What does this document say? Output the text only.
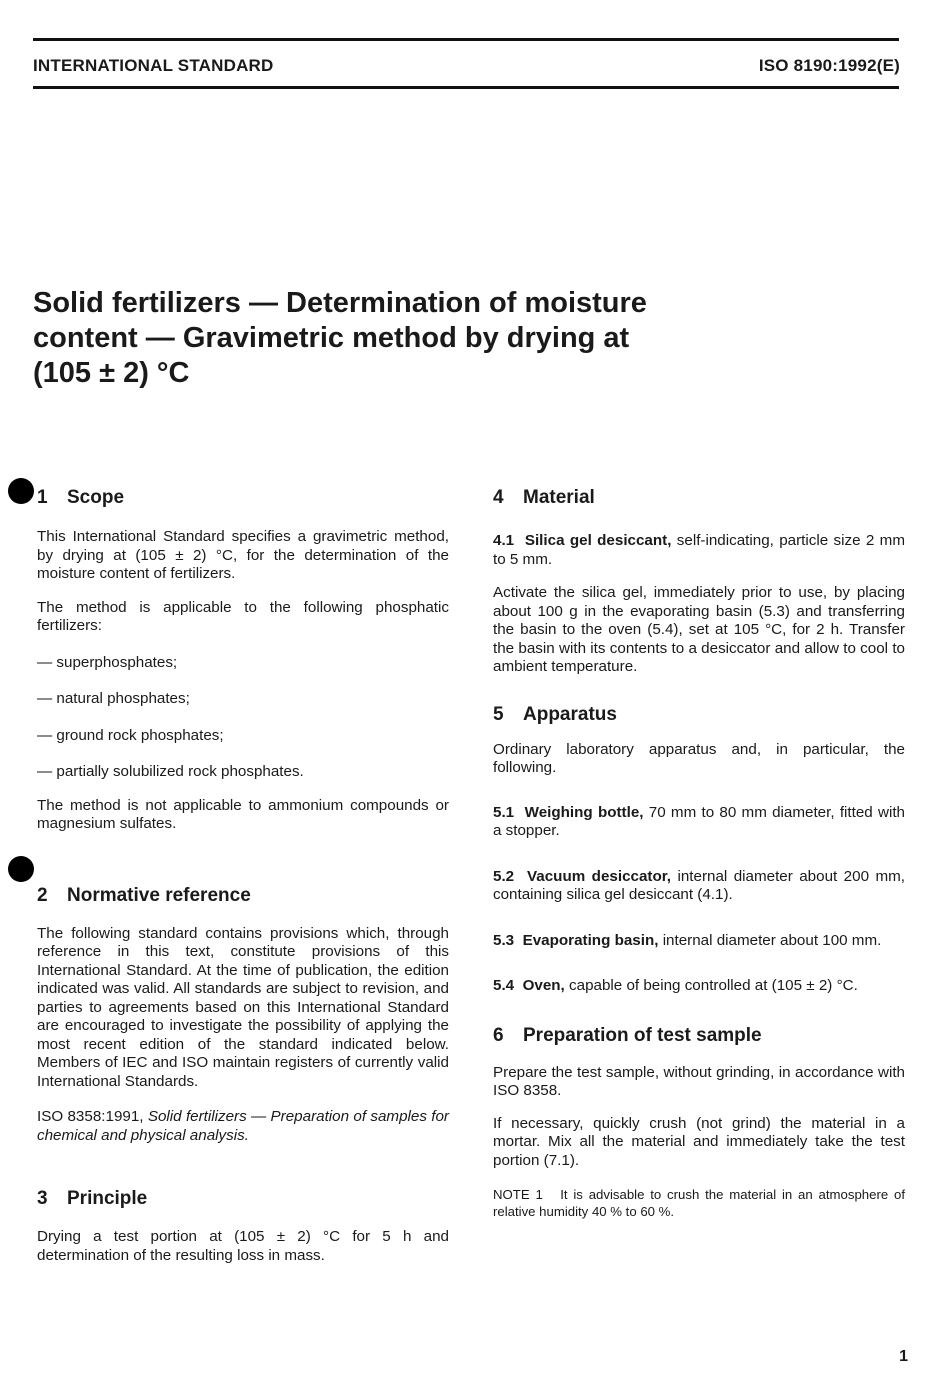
INTERNATIONAL STANDARD	ISO 8190:1992(E)
Solid fertilizers — Determination of moisture
content — Gravimetric method by drying at
(105 ± 2) °C
1 Scope

This International Standard specifies a gravimetric method, by drying at (105 ± 2) °C, for the determination of the moisture content of fertilizers.

The method is applicable to the following phosphatic fertilizers:

— superphosphates;

— natural phosphates;

— ground rock phosphates;

— partially solubilized rock phosphates.

The method is not applicable to ammonium compounds or magnesium sulfates.

2 Normative reference

The following standard contains provisions which, through reference in this text, constitute provisions of this International Standard. At the time of publication, the edition indicated was valid. All standards are subject to revision, and parties to agreements based on this International Standard are encouraged to investigate the possibility of applying the most recent edition of the standard indicated below. Members of IEC and ISO maintain registers of currently valid International Standards.

ISO 8358:1991, Solid fertilizers — Preparation of samples for chemical and physical analysis.

3 Principle

Drying a test portion at (105 ± 2) °C for 5 h and determination of the resulting loss in mass.

4 Material

4.1 Silica gel desiccant, self-indicating, particle size 2 mm to 5 mm.

Activate the silica gel, immediately prior to use, by placing about 100 g in the evaporating basin (5.3) and transferring the basin to the oven (5.4), set at 105 °C, for 2 h. Transfer the basin with its contents to a desiccator and allow to cool to ambient temperature.

5 Apparatus

Ordinary laboratory apparatus and, in particular, the following.

5.1 Weighing bottle, 70 mm to 80 mm diameter, fitted with a stopper.

5.2 Vacuum desiccator, internal diameter about 200 mm, containing silica gel desiccant (4.1).

5.3 Evaporating basin, internal diameter about 100 mm.

5.4 Oven, capable of being controlled at (105 ± 2) °C.

6 Preparation of test sample

Prepare the test sample, without grinding, in accordance with ISO 8358.

If necessary, quickly crush (not grind) the material in a mortar. Mix all the material and immediately take the test portion (7.1).

NOTE 1 It is advisable to crush the material in an atmosphere of relative humidity 40 % to 60 %.

1
